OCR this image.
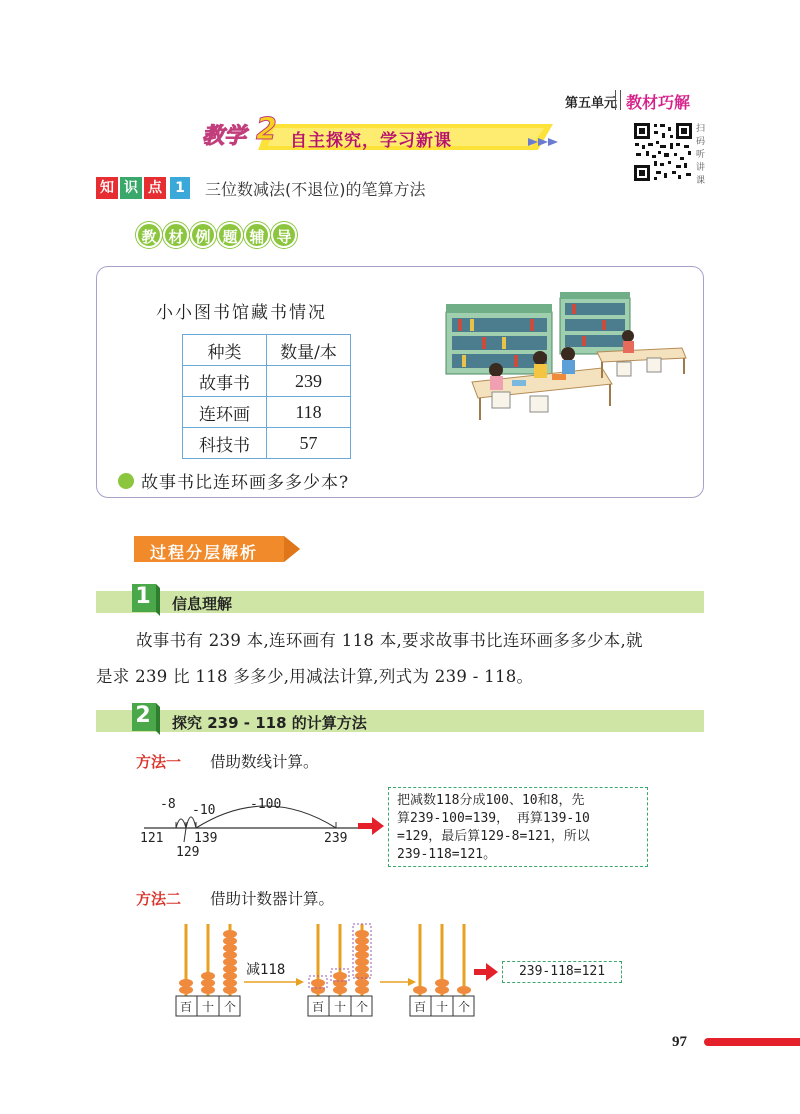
第五单元 教材巧解
教学 2 自主探究，学习新课
扫
码
听
讲
课
知 识 点 1	三位数减法(不退位)的笔算方法
教 材 例 题 辅 导
小小图书馆藏书情况
种类	数量/本
故事书	239
连环画	118
科技书	57
故事书比连环画多多少本?
过程分层解析
1	信息理解
故事书有 239 本,连环画有 118 本,要求故事书比连环画多多少本,就
是求 239 比 118 多多少,用减法计算,列式为 239 - 118。
2	探究 239 - 118 的计算方法
方法一 借助数线计算。
-8 -10	-100
121
129
139	239
把减数118分成100、10和8，先
算239-100=139， 再算139-10
=129，最后算129-8=121，所以
239-118=121。
方法二 借助计数器计算。
减118
百 十 个	百 十 个	百 十 个
239-118=121
97
